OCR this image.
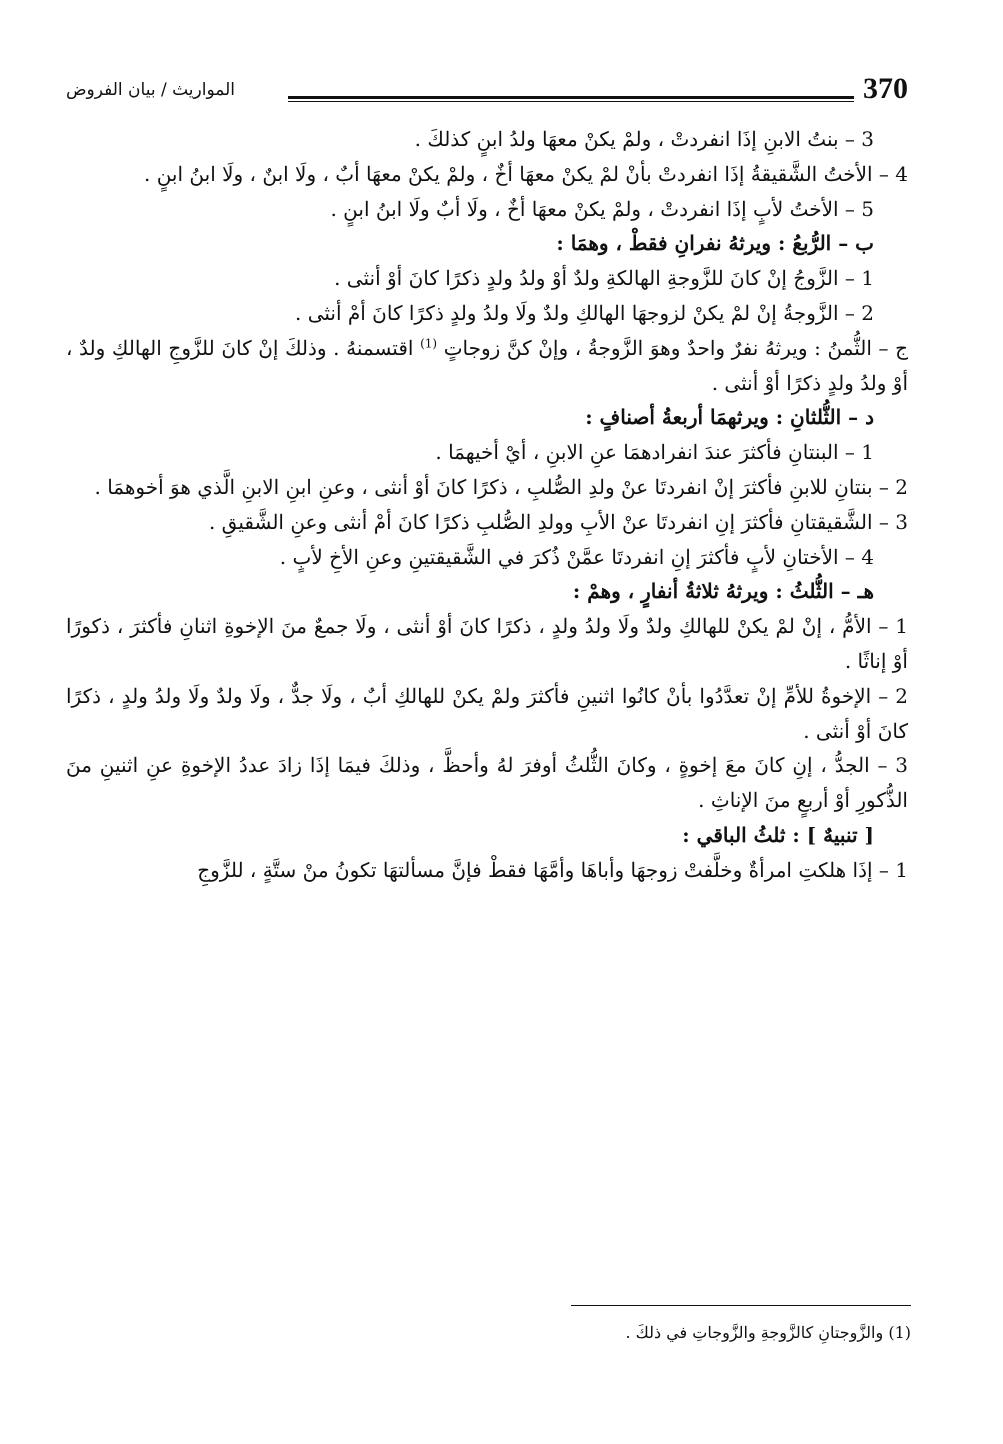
370
المواريث / بيان الفروض

3 – بنتُ الابنِ إذَا انفردتْ ، ولمْ يكنْ معهَا ولدُ ابنٍ كذلكَ .

4 – الأختُ الشَّقيقةُ إذَا انفردتْ بأنْ لمْ يكنْ معهَا أخٌ ، ولمْ يكنْ معهَا أبٌ ، ولَا ابنٌ ، ولَا ابنُ ابنٍ .

5 – الأختُ لأبٍ إذَا انفردتْ ، ولمْ يكنْ معهَا أخٌ ، ولَا أبٌ ولَا ابنُ ابنٍ .

ب – الرُّبعُ : ويرثهُ نفرانِ فقطْ ، وهمَا :

1 – الزَّوجُ إنْ كانَ للزَّوجةِ الهالكةِ ولدٌ أوْ ولدُ ولدٍ ذكرًا كانَ أوْ أنثى .

2 – الزَّوجةُ إنْ لمْ يكنْ لزوجهَا الهالكِ ولدٌ ولَا ولدُ ولدٍ ذكرًا كانَ أمْ أنثى .

ج – الثُّمنُ : ويرثهُ نفرٌ واحدٌ وهوَ الزَّوجةُ ، وإنْ كنَّ زوجاتٍ $^{(1)}$ اقتسمنهُ . وذلكَ إنْ كانَ للزَّوجِ الهالكِ ولدٌ ، أوْ ولدُ ولدٍ ذكرًا أوْ أنثى .

د – الثُّلثانِ : ويرثهمَا أربعةُ أصنافٍ :

1 – البنتانِ فأكثرَ عندَ انفرادهمَا عنِ الابنِ ، أيْ أخيهمَا .

2 – بنتانِ للابنِ فأكثرَ إنْ انفردتَا عنْ ولدِ الصُّلبِ ، ذكرًا كانَ أوْ أنثى ، وعنِ ابنِ الابنِ الَّذي هوَ أخوهمَا .

3 – الشَّقيقتانِ فأكثرَ إنِ انفردتَا عنْ الأبِ وولدِ الصُّلبِ ذكرًا كانَ أمْ أنثى وعنِ الشَّقيقِ .

4 – الأختانِ لأبٍ فأكثرَ إنِ انفردتَا عمَّنْ ذُكرَ في الشَّقيقتينِ وعنِ الأخِ لأبٍ .

هـ – الثُّلثُ : ويرثهُ ثلاثةُ أنفارٍ ، وهمْ :

1 – الأمُّ ، إنْ لمْ يكنْ للهالكِ ولدٌ ولَا ولدُ ولدٍ ، ذكرًا كانَ أوْ أنثى ، ولَا جمعٌ منَ الإخوةِ اثنانِ فأكثرَ ، ذكورًا أوْ إناثًا .

2 – الإخوةُ للأمِّ إنْ تعدَّدُوا بأنْ كانُوا اثنينِ فأكثرَ ولمْ يكنْ للهالكِ أبٌ ، ولَا جدٌّ ، ولَا ولدٌ ولَا ولدُ ولدٍ ، ذكرًا كانَ أوْ أنثى .

3 – الجدُّ ، إنِ كانَ معَ إخوةٍ ، وكانَ الثُّلثُ أوفرَ لهُ وأحظَّ ، وذلكَ فيمَا إذَا زادَ عددُ الإخوةِ عنِ اثنينِ منَ الذُّكورِ أوْ أربعٍ منَ الإناثِ .

[ تنبيهٌ ] : ثلثُ الباقي :

1 – إذَا هلكتِ امرأةٌ وخلَّفتْ زوجهَا وأباهَا وأمَّهَا فقطْ فإنَّ مسألتهَا تكونُ منْ ستَّةٍ ، للزَّوجِ

(1) والزَّوجتانِ كالزَّوجةِ والزَّوجاتِ في ذلكَ .
